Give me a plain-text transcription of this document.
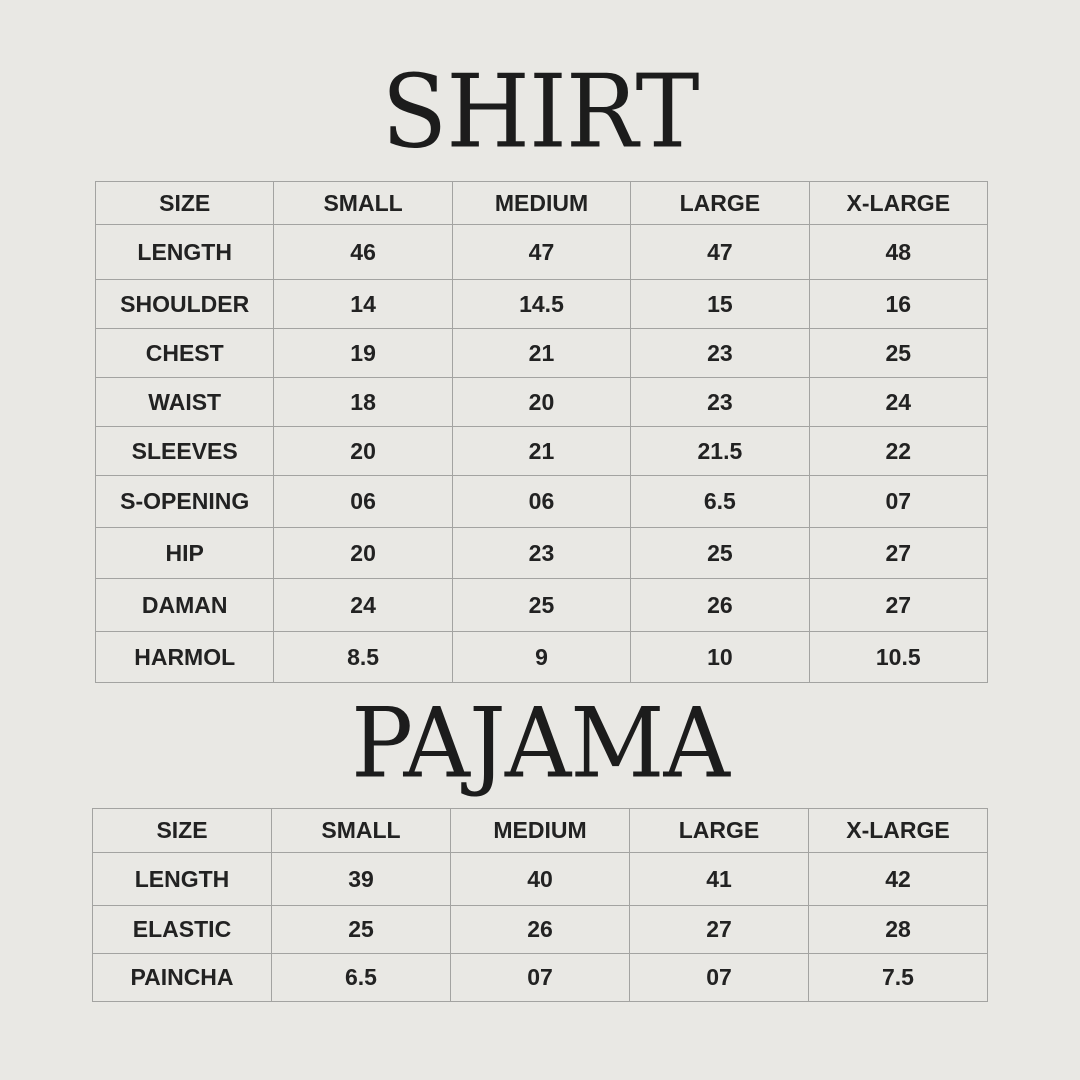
SHIRT
SIZE	SMALL	MEDIUM	LARGE	X-LARGE
LENGTH	46	47	47	48
SHOULDER	14	14.5	15	16
CHEST	19	21	23	25
WAIST	18	20	23	24
SLEEVES	20	21	21.5	22
S-OPENING	06	06	6.5	07
HIP	20	23	25	27
DAMAN	24	25	26	27
HARMOL	8.5	9	10	10.5
PAJAMA
SIZE	SMALL	MEDIUM	LARGE	X-LARGE
LENGTH	39	40	41	42
ELASTIC	25	26	27	28
PAINCHA	6.5	07	07	7.5
